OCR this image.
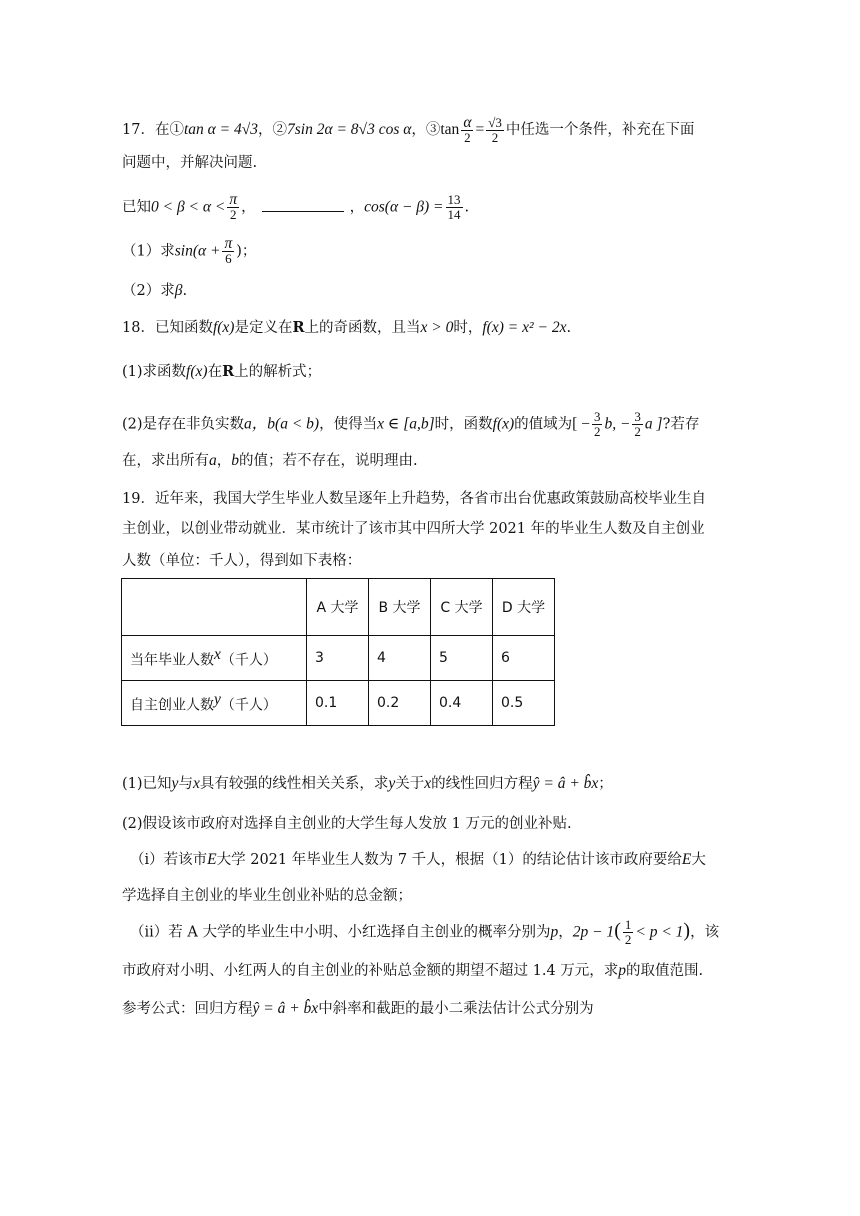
17．在①tan α = 4√3，②7sin 2α = 8√3 cos α，③tan $\frac{\alpha}{2} = \frac{√3}{2}$ 中任选一个条件，补充在下面
问题中，并解决问题.
已知$0 < \beta < \alpha < \frac{\pi}{2}$ ，	，$\cos(\alpha - \beta) = \frac{13}{14}$ .
（1）求$\sin(\alpha + \frac{\pi}{6}$ )；
（2）求β.
18．已知函数f(x)是定义在R上的奇函数，且当x > 0时，f(x) = x² − 2x.
(1)求函数f(x)在R上的解析式；
(2)是存在非负实数a，b(a < b)，使得当x ∈ [a,b]时，函数f(x)的值域为[ − $\frac{3}{2} b$, − $\frac{3}{2}$ a ]?若存
在，求出所有a，b的值；若不存在，说明理由.
19．近年来，我国大学生毕业人数呈逐年上升趋势，各省市出台优惠政策鼓励高校毕业生自
主创业，以创业带动就业．某市统计了该市其中四所大学 2021 年的毕业生人数及自主创业
人数（单位：千人），得到如下表格：
	A 大学	B 大学	C 大学	D 大学
当年毕业人数$^x$（千人）	3	4	5	6
自主创业人数$^y$（千人）	0.1	0.2	0.4	0.5
(1)已知y与x具有较强的线性相关关系，求y关于x的线性回归方程ŷ = â + b̂x；
(2)假设该市政府对选择自主创业的大学生每人发放 1 万元的创业补贴.
（i）若该市E大学 2021 年毕业生人数为 7 千人，根据（1）的结论估计该市政府要给E大
学选择自主创业的毕业生创业补贴的总金额；
（ii）若 A 大学的毕业生中小明、小红选择自主创业的概率分别为p，$2p - 1( \frac{1}{2} < p < 1)$，该
市政府对小明、小红两人的自主创业的补贴总金额的期望不超过 1.4 万元，求p的取值范围.
参考公式：回归方程ŷ = â + b̂x中斜率和截距的最小二乘法估计公式分别为
